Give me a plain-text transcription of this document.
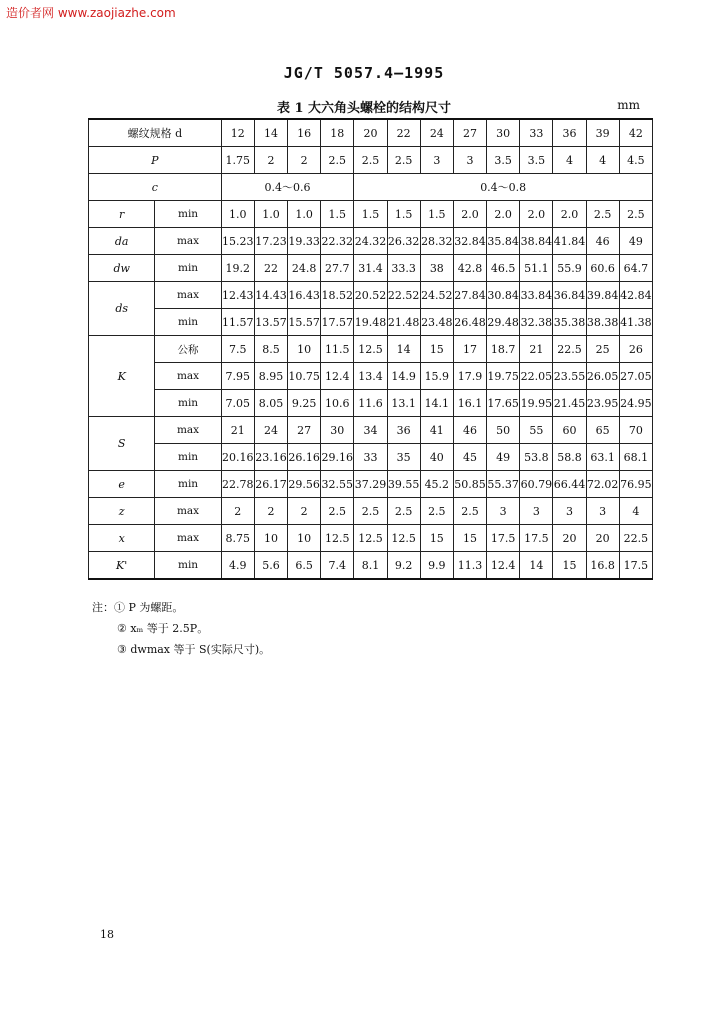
造价者网 www.zaojiazhe.com
JG/T 5057.4—1995
表 1 大六角头螺栓的结构尺寸	mm
螺纹规格 d		12	14	16	18	20	22	24	27	30	33	36	39	42
P		1.75	2	2	2.5	2.5	2.5	3	3	3.5	3.5	4	4	4.5
c		0.4～0.6				0.4～0.8								
r	min	1.0	1.0	1.0	1.5	1.5	1.5	1.5	2.0	2.0	2.0	2.0	2.5	2.5
da	max	15.23	17.23	19.33	22.32	24.32	26.32	28.32	32.84	35.84	38.84	41.84	46	49
dw	min	19.2	22	24.8	27.7	31.4	33.3	38	42.8	46.5	51.1	55.9	60.6	64.7
ds	max	12.43	14.43	16.43	18.52	20.52	22.52	24.52	27.84	30.84	33.84	36.84	39.84	42.84
	min	11.57	13.57	15.57	17.57	19.48	21.48	23.48	26.48	29.48	32.38	35.38	38.38	41.38
K	公称	7.5	8.5	10	11.5	12.5	14	15	17	18.7	21	22.5	25	26
	max	7.95	8.95	10.75	12.4	13.4	14.9	15.9	17.9	19.75	22.05	23.55	26.05	27.05
	min	7.05	8.05	9.25	10.6	11.6	13.1	14.1	16.1	17.65	19.95	21.45	23.95	24.95
S	max	21	24	27	30	34	36	41	46	50	55	60	65	70
	min	20.16	23.16	26.16	29.16	33	35	40	45	49	53.8	58.8	63.1	68.1
e	min	22.78	26.17	29.56	32.55	37.29	39.55	45.2	50.85	55.37	60.79	66.44	72.02	76.95
z	max	2	2	2	2.5	2.5	2.5	2.5	2.5	3	3	3	3	4
x	max	8.75	10	10	12.5	12.5	12.5	15	15	17.5	17.5	20	20	22.5
K'	min	4.9	5.6	6.5	7.4	8.1	9.2	9.9	11.3	12.4	14	15	16.8	17.5
注：① P 为螺距。
② xₘ 等于 2.5P。
③ dwmax 等于 S(实际尺寸)。
18
